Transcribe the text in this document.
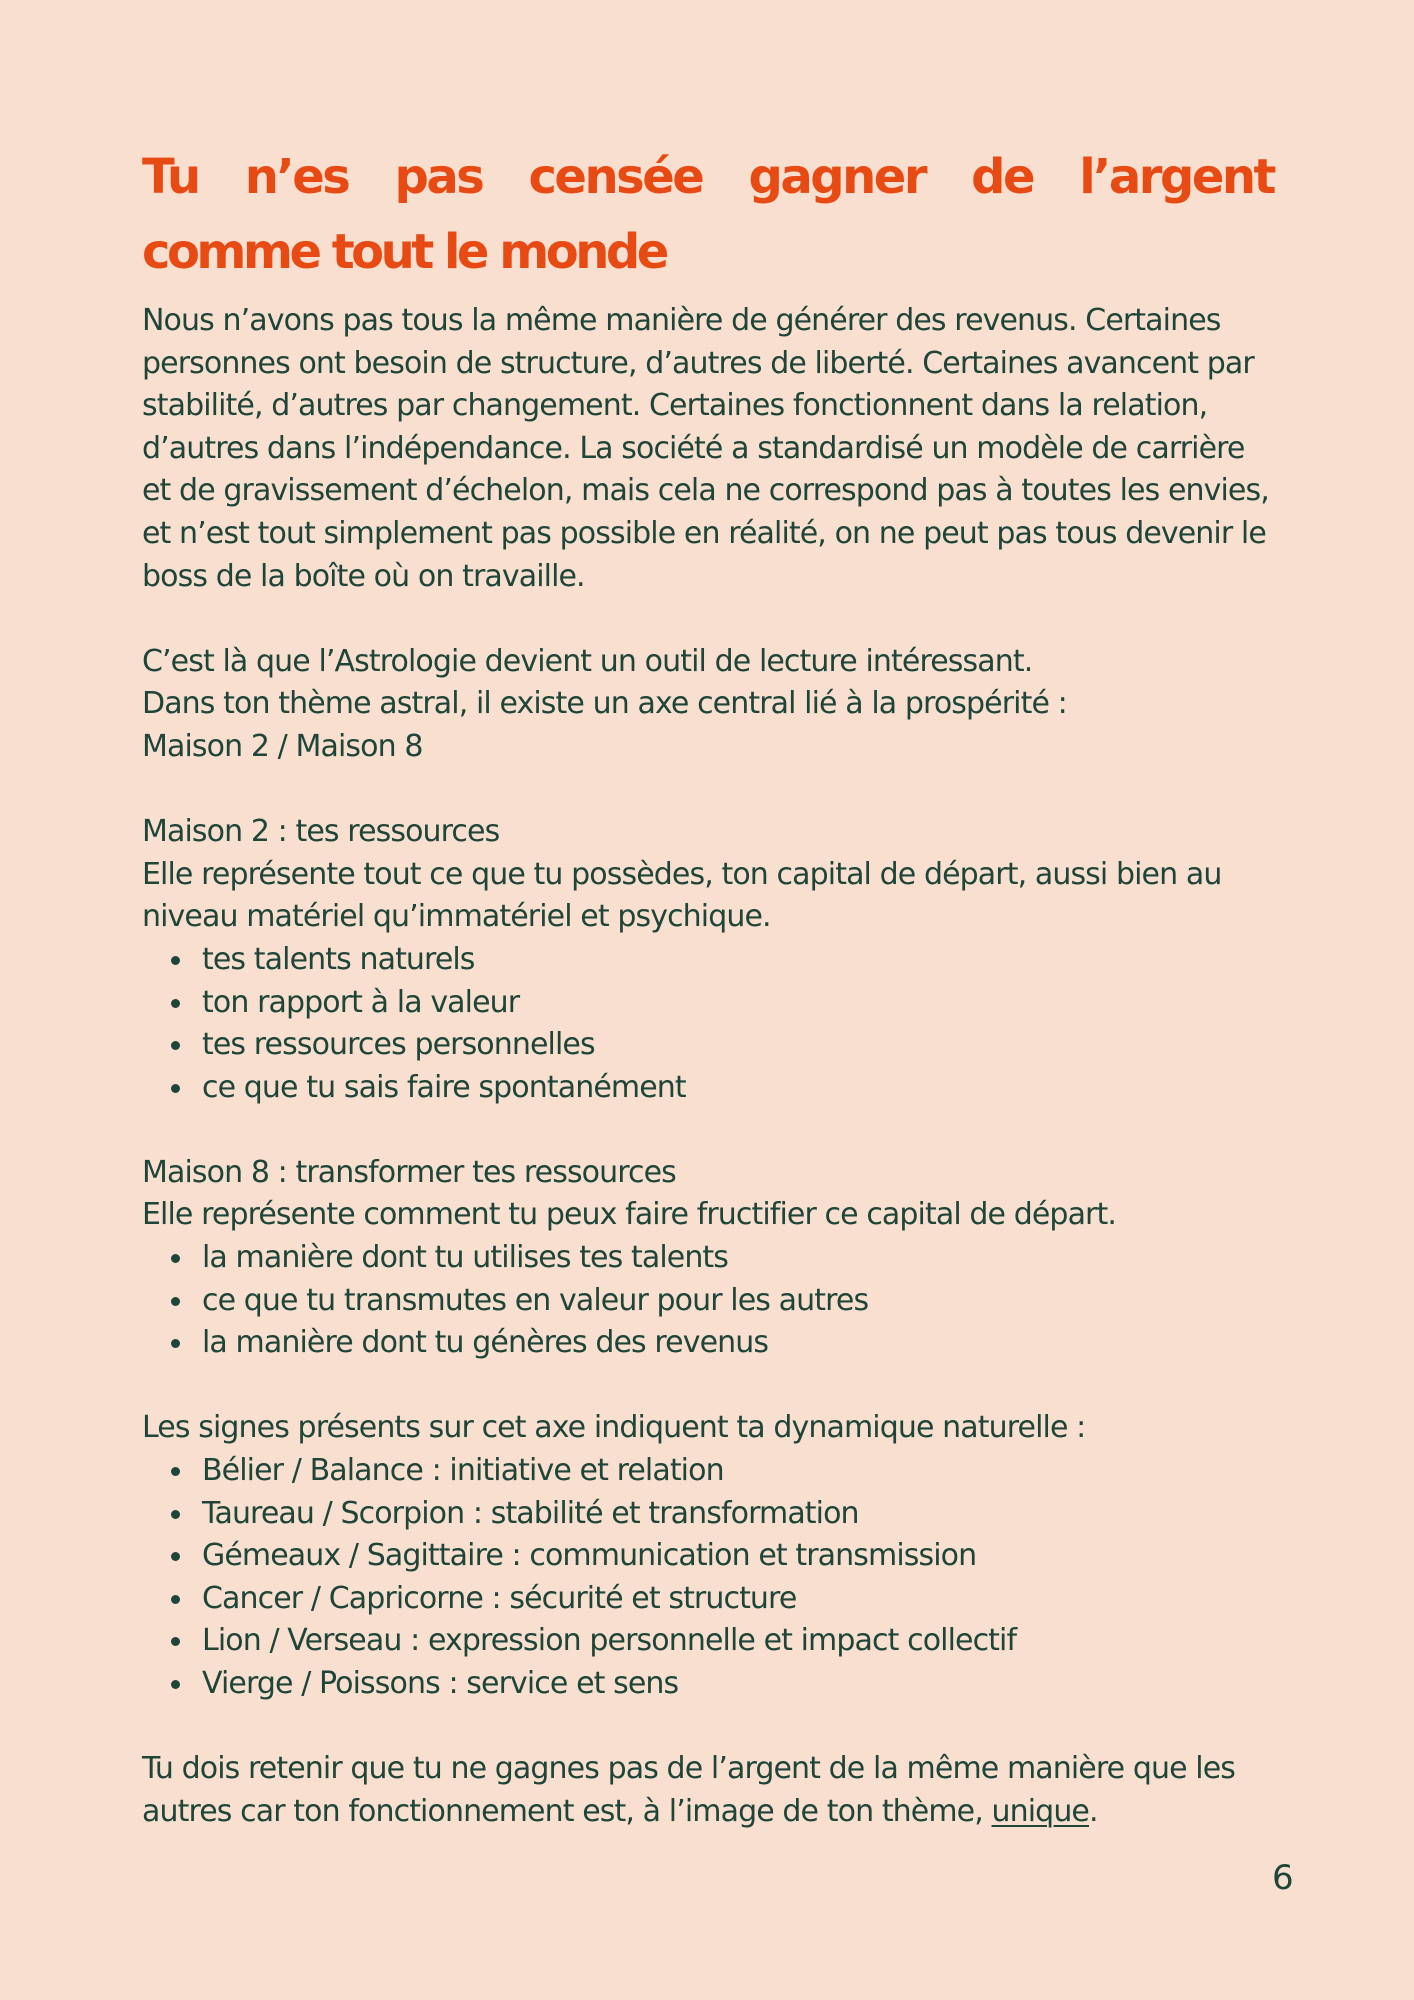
Tu n’es pas censée gagner de l’argent
comme tout le monde

Nous n’avons pas tous la même manière de générer des revenus. Certaines personnes ont besoin de structure, d’autres de liberté. Certaines avancent par stabilité, d’autres par changement. Certaines fonctionnent dans la relation, d’autres dans l’indépendance. La société a standardisé un modèle de carrière et de gravissement d’échelon, mais cela ne correspond pas à toutes les envies, et n’est tout simplement pas possible en réalité, on ne peut pas tous devenir le boss de la boîte où on travaille.

C’est là que l’Astrologie devient un outil de lecture intéressant.

Dans ton thème astral, il existe un axe central lié à la prospérité :

Maison 2 / Maison 8

Maison 2 : tes ressources

Elle représente tout ce que tu possèdes, ton capital de départ, aussi bien au niveau matériel qu’immatériel et psychique.

tes talents naturels
ton rapport à la valeur
tes ressources personnelles
ce que tu sais faire spontanément

Maison 8 : transformer tes ressources

Elle représente comment tu peux faire fructifier ce capital de départ.

la manière dont tu utilises tes talents
ce que tu transmutes en valeur pour les autres
la manière dont tu génères des revenus

Les signes présents sur cet axe indiquent ta dynamique naturelle :

Bélier / Balance : initiative et relation
Taureau / Scorpion : stabilité et transformation
Gémeaux / Sagittaire : communication et transmission
Cancer / Capricorne : sécurité et structure
Lion / Verseau : expression personnelle et impact collectif
Vierge / Poissons : service et sens

Tu dois retenir que tu ne gagnes pas de l’argent de la même manière que les autres car ton fonctionnement est, à l’image de ton thème, unique.

6
